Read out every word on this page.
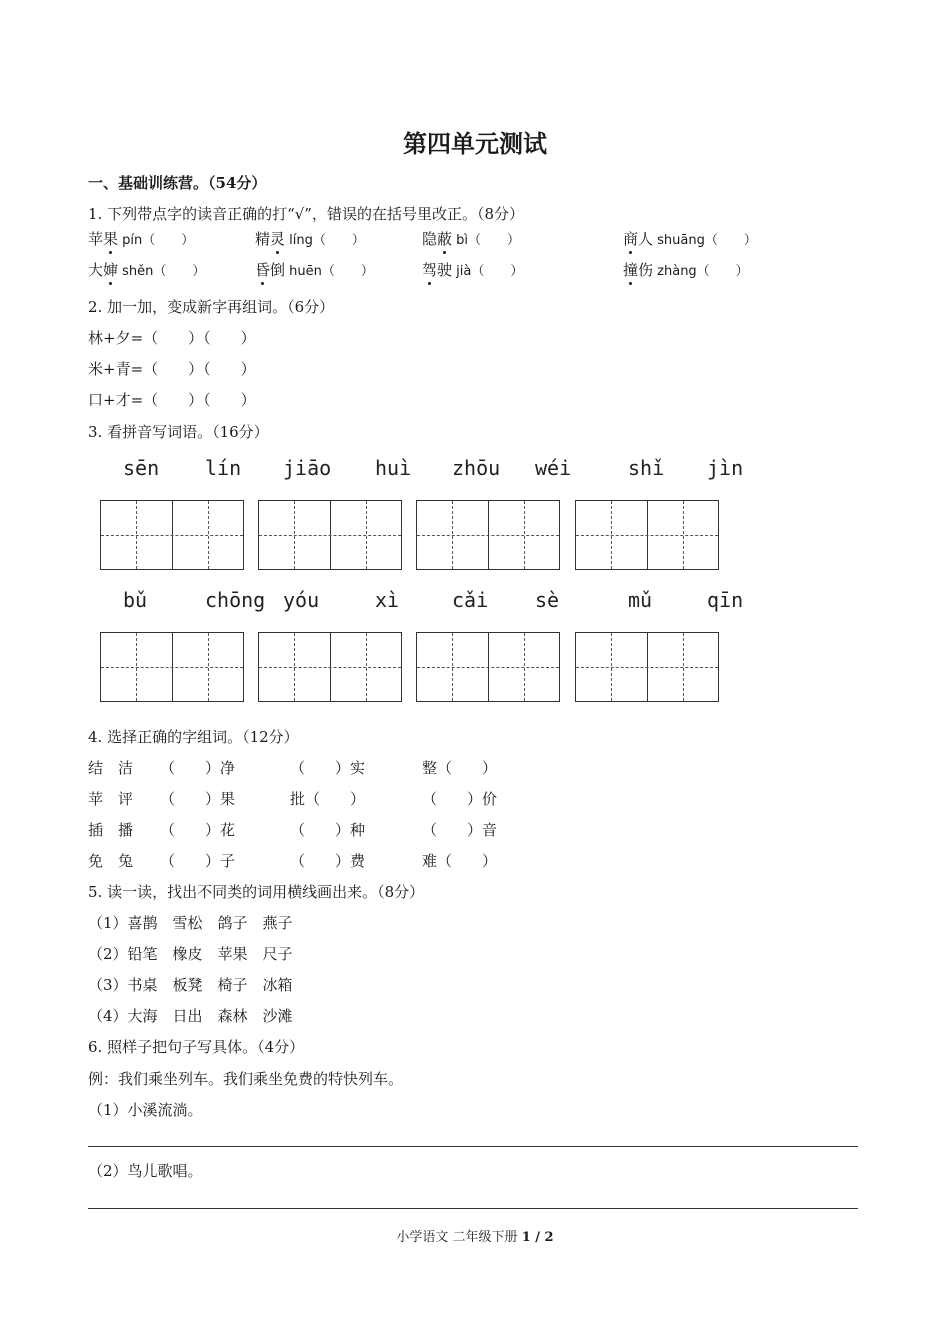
第四单元测试
一、基础训练营。（54分）
1. 下列带点字的读音正确的打“√”，错误的在括号里改正。（8分）
苹果 pín（　　）	精灵 líng（　　）	隐蔽 bì（　　）	商人 shuāng（　　）
大婶 shěn（　　）	昏倒 huēn（　　）	驾驶 jià（　　）	撞伤 zhàng（　　）
2. 加一加，变成新字再组词。（6分）
林+夕=（　　）（　　）
米+青=（　　）（　　）
口+才=（　　）（　　）
3. 看拼音写词语。（16分）
sēn lín jiāo huì zhōu wéi	shǐ jìn
bǔ	chōng yóu	xì	cǎi sè	mǔ	qīn
4. 选择正确的字组词。（12分）
结　洁 （　　）净	（　　）实	整（　　）
苹　评 （　　）果	批（　　）	（　　）价
插　播 （　　）花	（　　）种	（　　）音
免　兔 （　　）子	（　　）费	难（　　）
5. 读一读，找出不同类的词用横线画出来。（8分）
（1）喜鹊　雪松　鸽子　燕子
（2）铅笔　橡皮　苹果　尺子
（3）书桌　板凳　椅子　冰箱
（4）大海　日出　森林　沙滩
6. 照样子把句子写具体。（4分）
例：我们乘坐列车。我们乘坐免费的特快列车。
（1）小溪流淌。
（2）鸟儿歌唱。
小学语文 二年级下册 1 / 2
